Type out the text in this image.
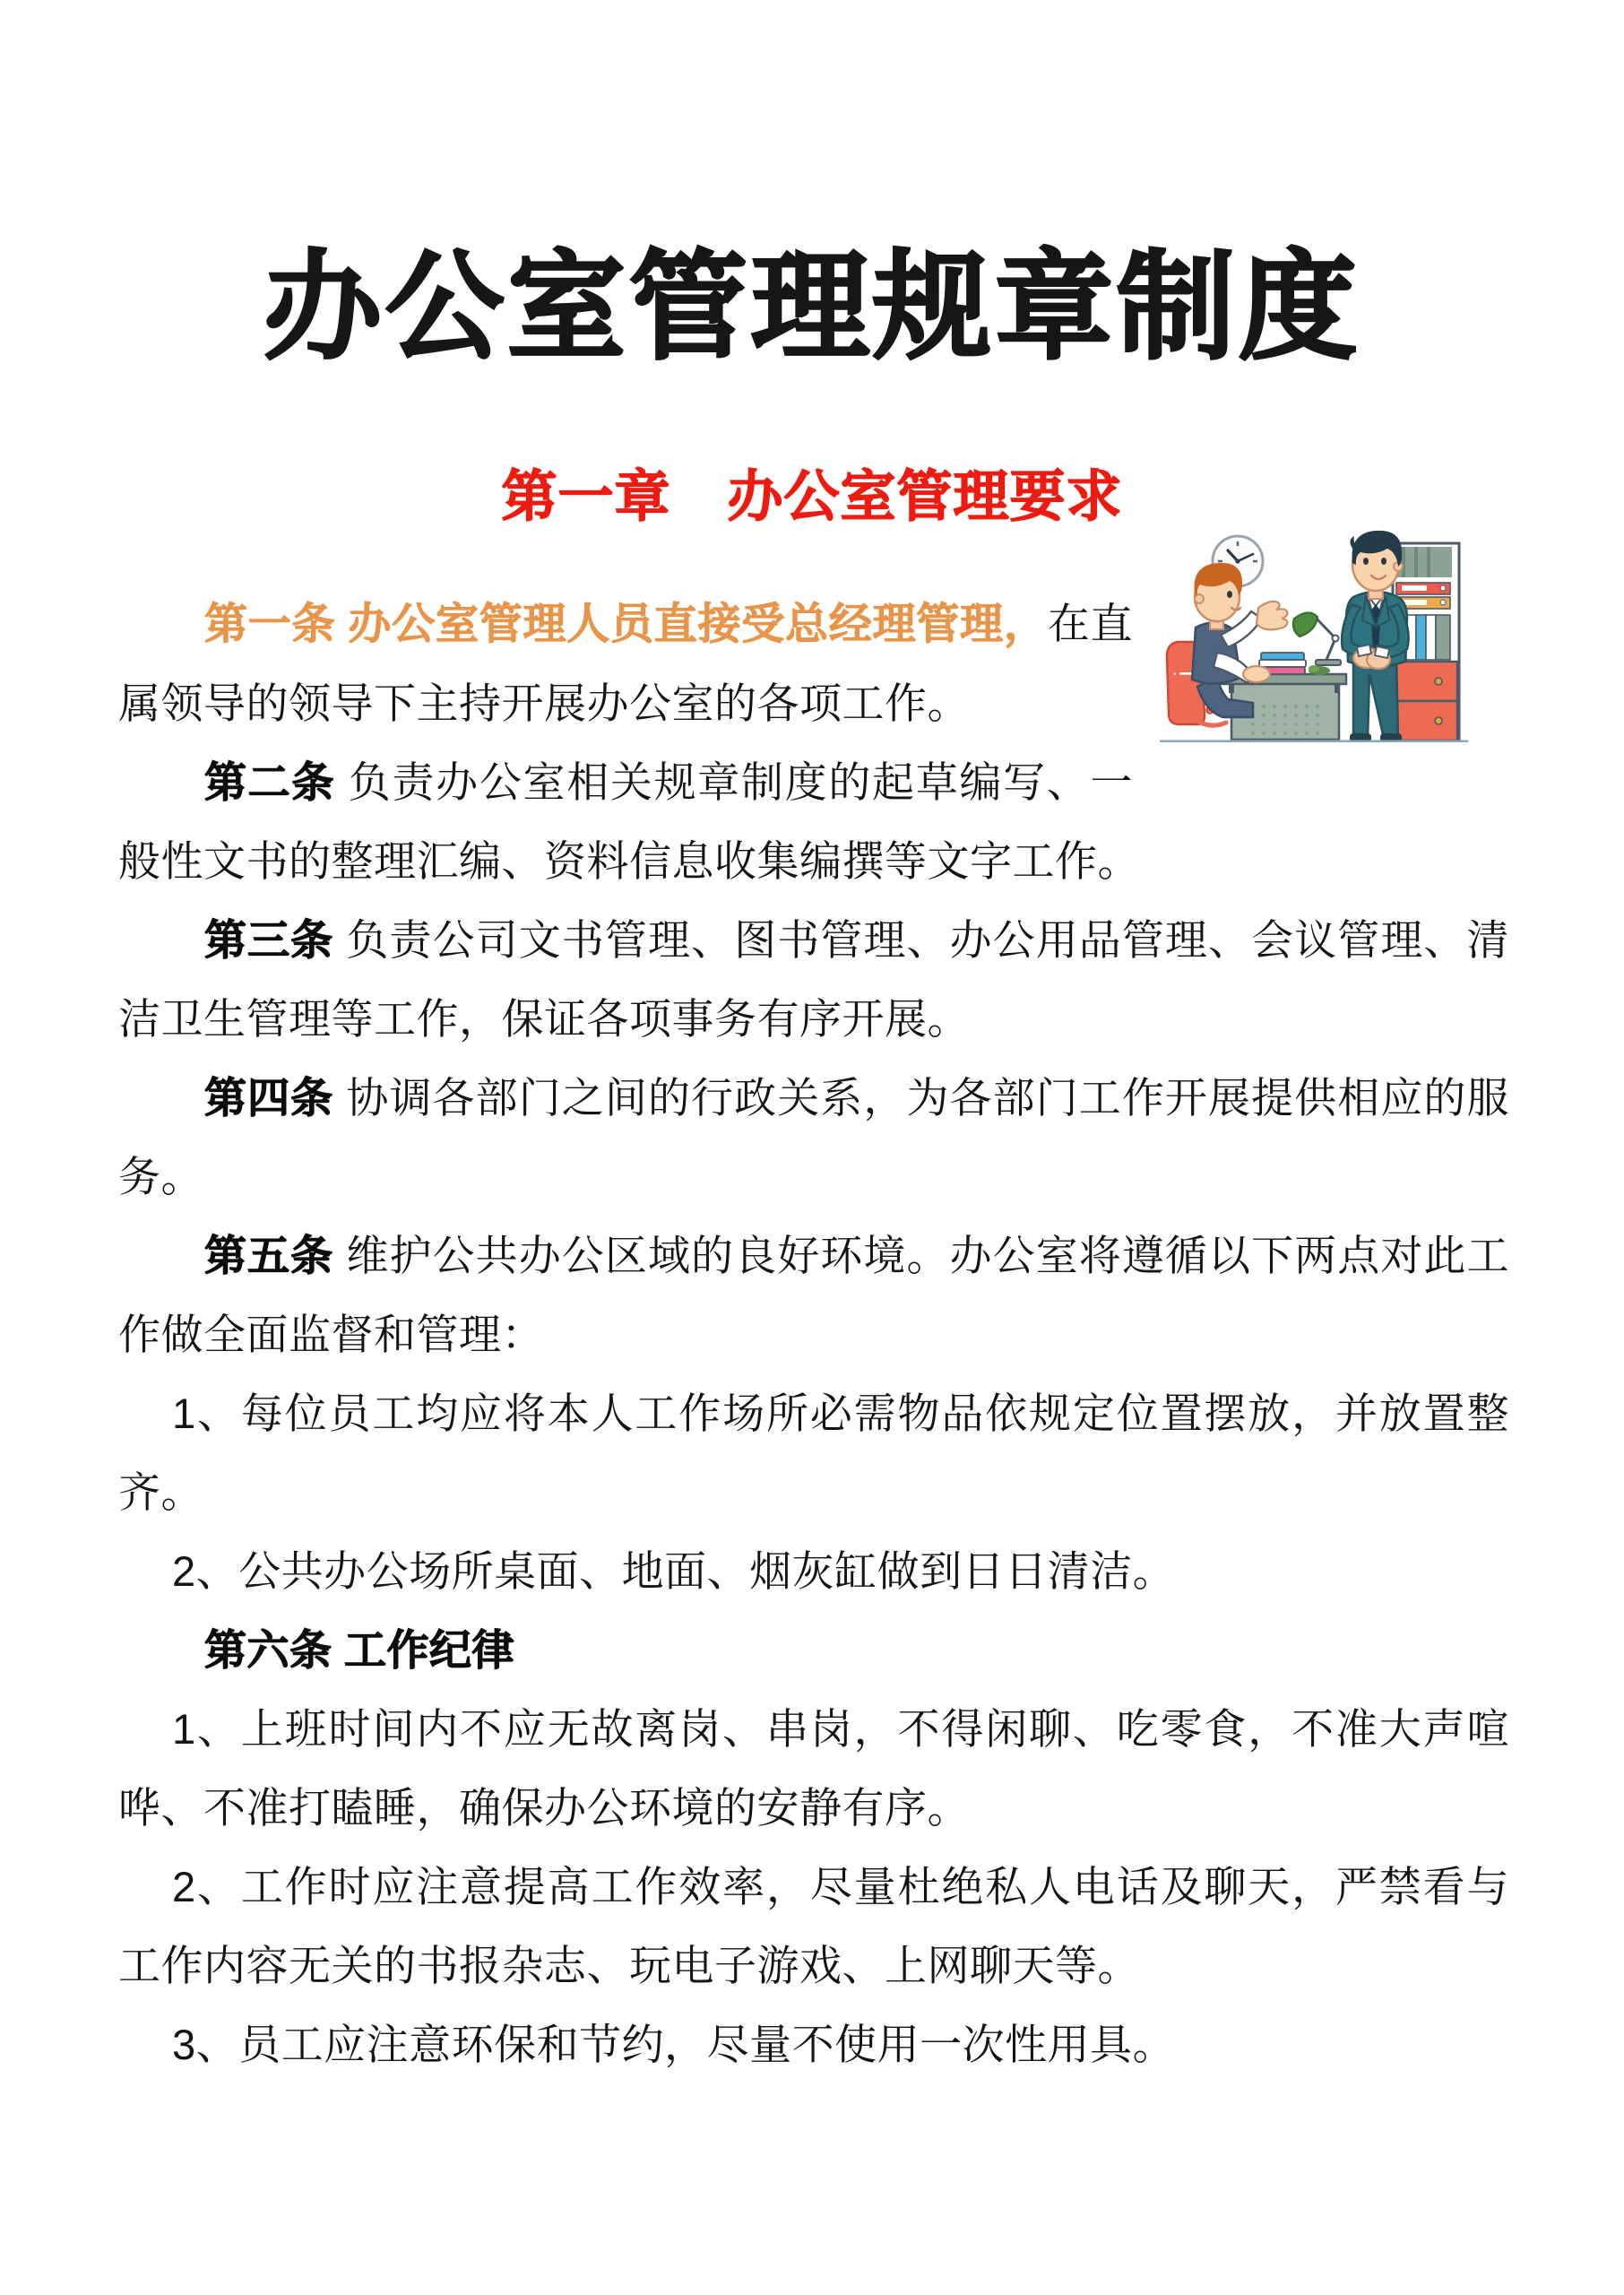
办公室管理规章制度
第一章　办公室管理要求

第一条 办公室管理人员直接受总经理管理，在直属领导的领导下主持开展办公室的各项工作。

第二条 负责办公室相关规章制度的起草编写、一般性文书的整理汇编、资料信息收集编撰等文字工作。

第三条 负责公司文书管理、图书管理、办公用品管理、会议管理、清洁卫生管理等工作，保证各项事务有序开展。

第四条 协调各部门之间的行政关系，为各部门工作开展提供相应的服务。

第五条 维护公共办公区域的良好环境。办公室将遵循以下两点对此工作做全面监督和管理：

1、每位员工均应将本人工作场所必需物品依规定位置摆放，并放置整齐。

2、公共办公场所桌面、地面、烟灰缸做到日日清洁。

第六条 工作纪律

1、上班时间内不应无故离岗、串岗，不得闲聊、吃零食，不准大声喧哗、不准打瞌睡，确保办公环境的安静有序。

2、工作时应注意提高工作效率，尽量杜绝私人电话及聊天，严禁看与工作内容无关的书报杂志、玩电子游戏、上网聊天等。

3、员工应注意环保和节约，尽量不使用一次性用具。
